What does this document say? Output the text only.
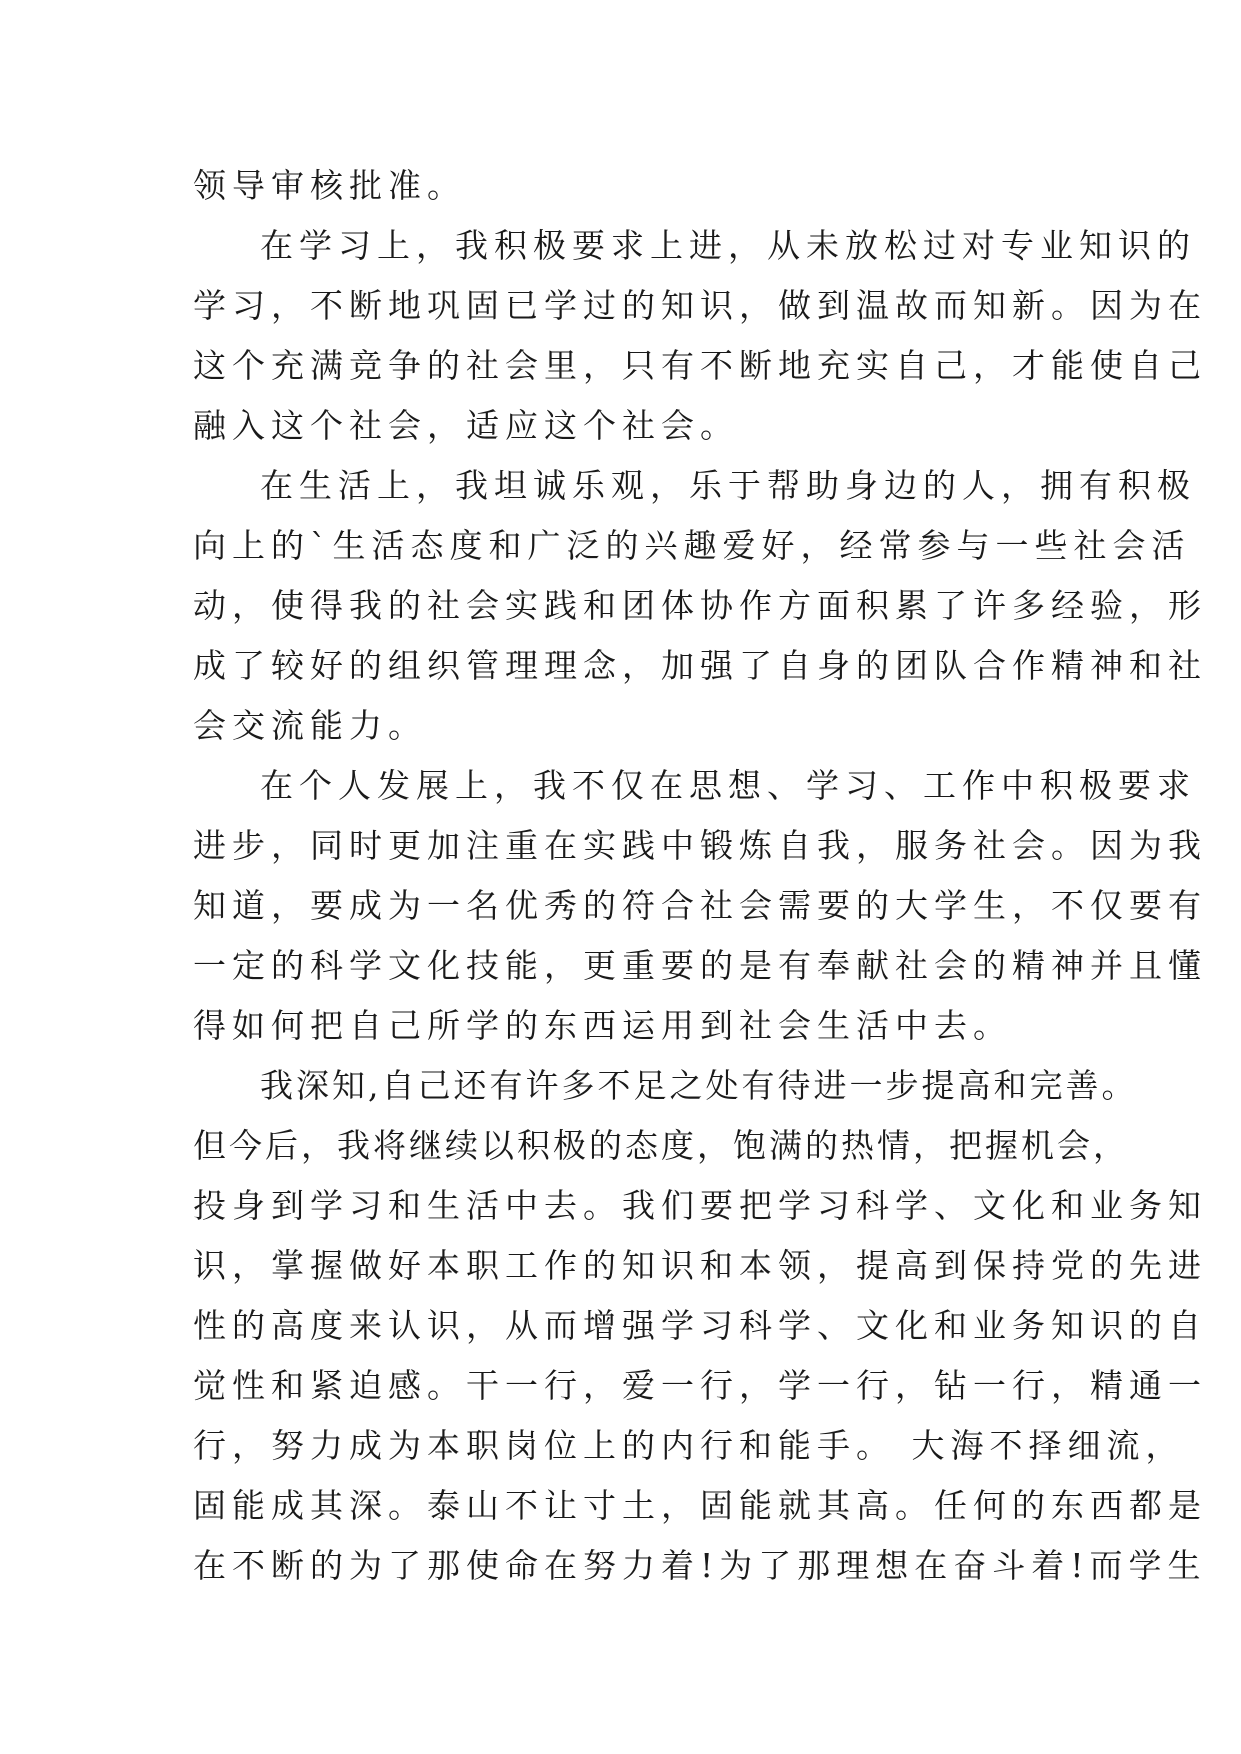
领导审核批准。
在学习上，我积极要求上进，从未放松过对专业知识的
学习，不断地巩固已学过的知识，做到温故而知新。因为在
这个充满竞争的社会里，只有不断地充实自己，才能使自己
融入这个社会，适应这个社会。
在生活上，我坦诚乐观，乐于帮助身边的人，拥有积极
向上的`生活态度和广泛的兴趣爱好，经常参与一些社会活
动，使得我的社会实践和团体协作方面积累了许多经验，形
成了较好的组织管理理念，加强了自身的团队合作精神和社
会交流能力。
在个人发展上，我不仅在思想、学习、工作中积极要求
进步，同时更加注重在实践中锻炼自我，服务社会。因为我
知道，要成为一名优秀的符合社会需要的大学生，不仅要有
一定的科学文化技能，更重要的是有奉献社会的精神并且懂
得如何把自己所学的东西运用到社会生活中去。
我深知,自己还有许多不足之处有待进一步提高和完善。
但今后，我将继续以积极的态度，饱满的热情，把握机会，
投身到学习和生活中去。我们要把学习科学、文化和业务知
识，掌握做好本职工作的知识和本领，提高到保持党的先进
性的高度来认识，从而增强学习科学、文化和业务知识的自
觉性和紧迫感。干一行，爱一行，学一行，钻一行，精通一
行，努力成为本职岗位上的内行和能手。 大海不择细流，
固能成其深。泰山不让寸土，固能就其高。任何的东西都是
在不断的为了那使命在努力着!为了那理想在奋斗着!而学生
